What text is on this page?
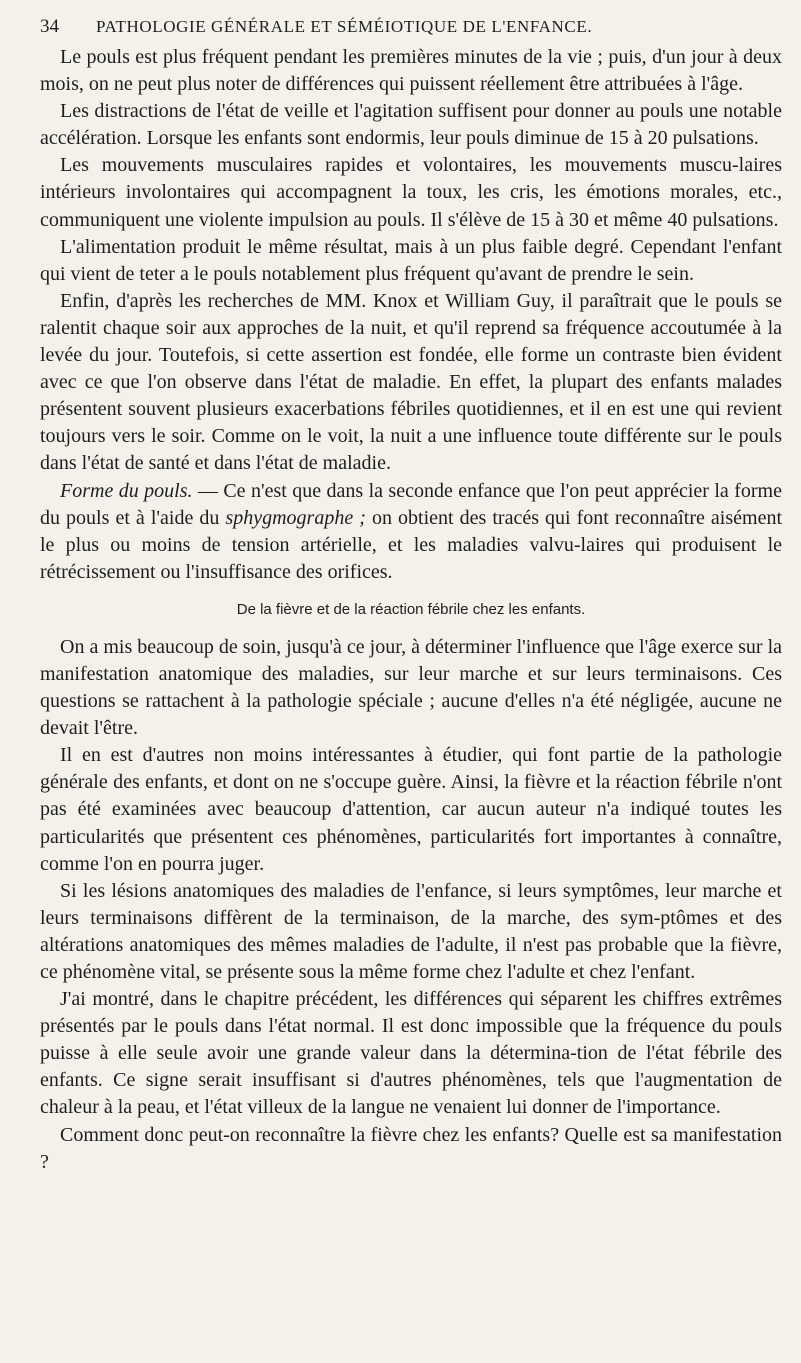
34	PATHOLOGIE GÉNÉRALE ET SÉMÉIOTIQUE DE L'ENFANCE.

Le pouls est plus fréquent pendant les premières minutes de la vie ; puis, d'un jour à deux mois, on ne peut plus noter de différences qui puissent réellement être attribuées à l'âge.

Les distractions de l'état de veille et l'agitation suffisent pour donner au pouls une notable accélération. Lorsque les enfants sont endormis, leur pouls diminue de 15 à 20 pulsations.

Les mouvements musculaires rapides et volontaires, les mouvements muscu-laires intérieurs involontaires qui accompagnent la toux, les cris, les émotions morales, etc., communiquent une violente impulsion au pouls. Il s'élève de 15 à 30 et même 40 pulsations.

L'alimentation produit le même résultat, mais à un plus faible degré. Cependant l'enfant qui vient de teter a le pouls notablement plus fréquent qu'avant de prendre le sein.

Enfin, d'après les recherches de MM. Knox et William Guy, il paraîtrait que le pouls se ralentit chaque soir aux approches de la nuit, et qu'il reprend sa fréquence accoutumée à la levée du jour. Toutefois, si cette assertion est fondée, elle forme un contraste bien évident avec ce que l'on observe dans l'état de maladie. En effet, la plupart des enfants malades présentent souvent plusieurs exacerbations fébriles quotidiennes, et il en est une qui revient toujours vers le soir. Comme on le voit, la nuit a une influence toute différente sur le pouls dans l'état de santé et dans l'état de maladie.

Forme du pouls. — Ce n'est que dans la seconde enfance que l'on peut apprécier la forme du pouls et à l'aide du sphygmographe ; on obtient des tracés qui font reconnaître aisément le plus ou moins de tension artérielle, et les maladies valvu-laires qui produisent le rétrécissement ou l'insuffisance des orifices.

De la fièvre et de la réaction fébrile chez les enfants.

On a mis beaucoup de soin, jusqu'à ce jour, à déterminer l'influence que l'âge exerce sur la manifestation anatomique des maladies, sur leur marche et sur leurs terminaisons. Ces questions se rattachent à la pathologie spéciale ; aucune d'elles n'a été négligée, aucune ne devait l'être.

Il en est d'autres non moins intéressantes à étudier, qui font partie de la pathologie générale des enfants, et dont on ne s'occupe guère. Ainsi, la fièvre et la réaction fébrile n'ont pas été examinées avec beaucoup d'attention, car aucun auteur n'a indiqué toutes les particularités que présentent ces phénomènes, particularités fort importantes à connaître, comme l'on en pourra juger.

Si les lésions anatomiques des maladies de l'enfance, si leurs symptômes, leur marche et leurs terminaisons diffèrent de la terminaison, de la marche, des sym-ptômes et des altérations anatomiques des mêmes maladies de l'adulte, il n'est pas probable que la fièvre, ce phénomène vital, se présente sous la même forme chez l'adulte et chez l'enfant.

J'ai montré, dans le chapitre précédent, les différences qui séparent les chiffres extrêmes présentés par le pouls dans l'état normal. Il est donc impossible que la fréquence du pouls puisse à elle seule avoir une grande valeur dans la détermina-tion de l'état fébrile des enfants. Ce signe serait insuffisant si d'autres phénomènes, tels que l'augmentation de chaleur à la peau, et l'état villeux de la langue ne venaient lui donner de l'importance.

Comment donc peut-on reconnaître la fièvre chez les enfants? Quelle est sa manifestation ?
